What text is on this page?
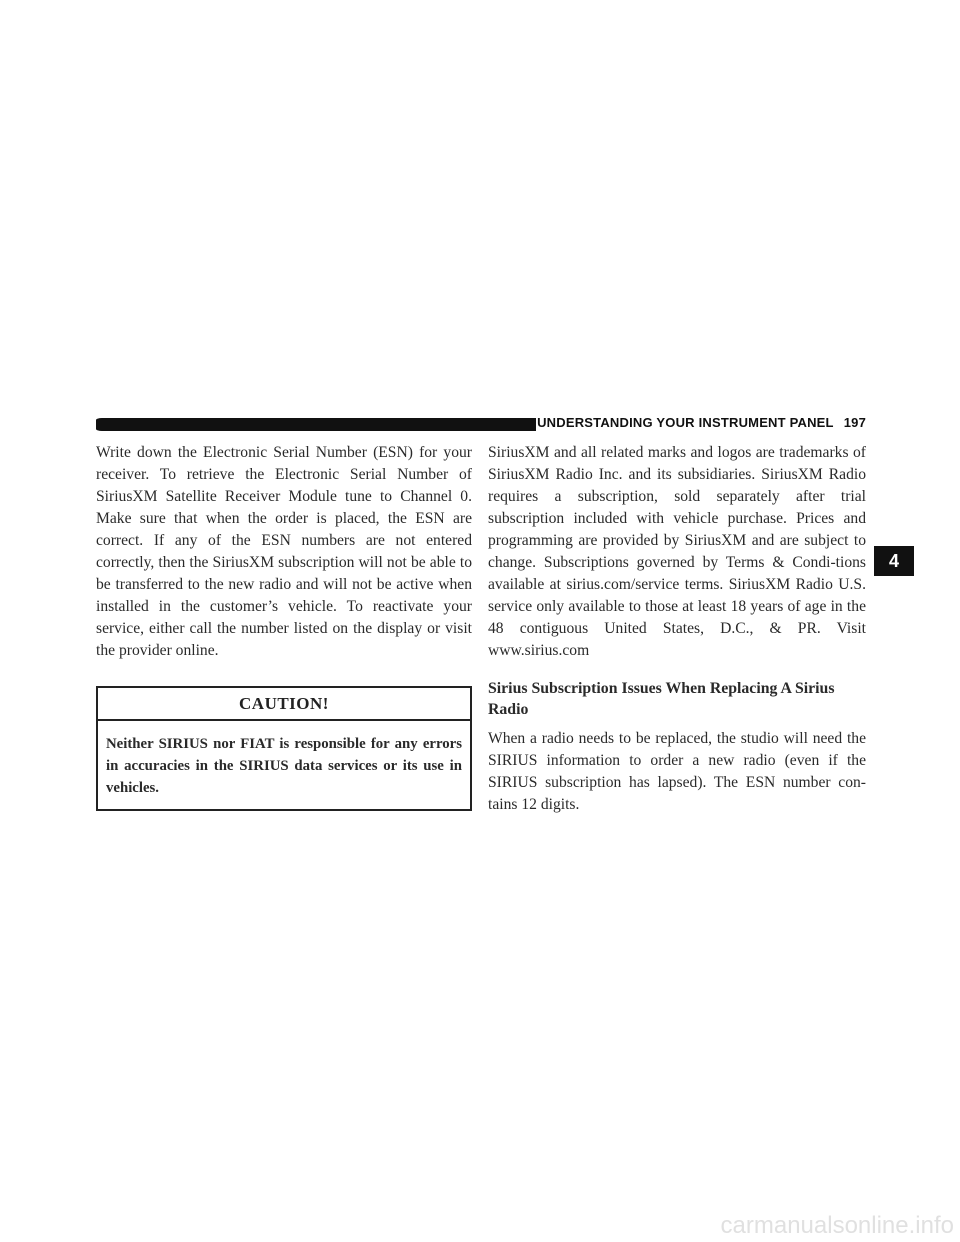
UNDERSTANDING YOUR INSTRUMENT PANEL 197

Write down the Electronic Serial Number (ESN) for your receiver. To retrieve the Electronic Serial Number of SiriusXM Satellite Receiver Module tune to Channel 0. Make sure that when the order is placed, the ESN are correct. If any of the ESN numbers are not entered correctly, then the SiriusXM subscription will not be able to be transferred to the new radio and will not be active when installed in the customer’s vehicle. To reactivate your service, either call the number listed on the display or visit the provider online.

CAUTION!
Neither SIRIUS nor FIAT is responsible for any errors in accuracies in the SIRIUS data services or its use in vehicles.

SiriusXM and all related marks and logos are trademarks of SiriusXM Radio Inc. and its subsidiaries. SiriusXM Radio requires a subscription, sold separately after trial subscription included with vehicle purchase. Prices and programming are provided by SiriusXM and are subject to change. Subscriptions governed by Terms & Condi-tions available at sirius.com/service terms. SiriusXM Radio U.S. service only available to those at least 18 years of age in the 48 contiguous United States, D.C., & PR. Visit www.sirius.com

Sirius Subscription Issues When Replacing A Sirius Radio

When a radio needs to be replaced, the studio will need the SIRIUS information to order a new radio (even if the SIRIUS subscription has lapsed). The ESN number con-tains 12 digits.

4
carmanualsonline.info
